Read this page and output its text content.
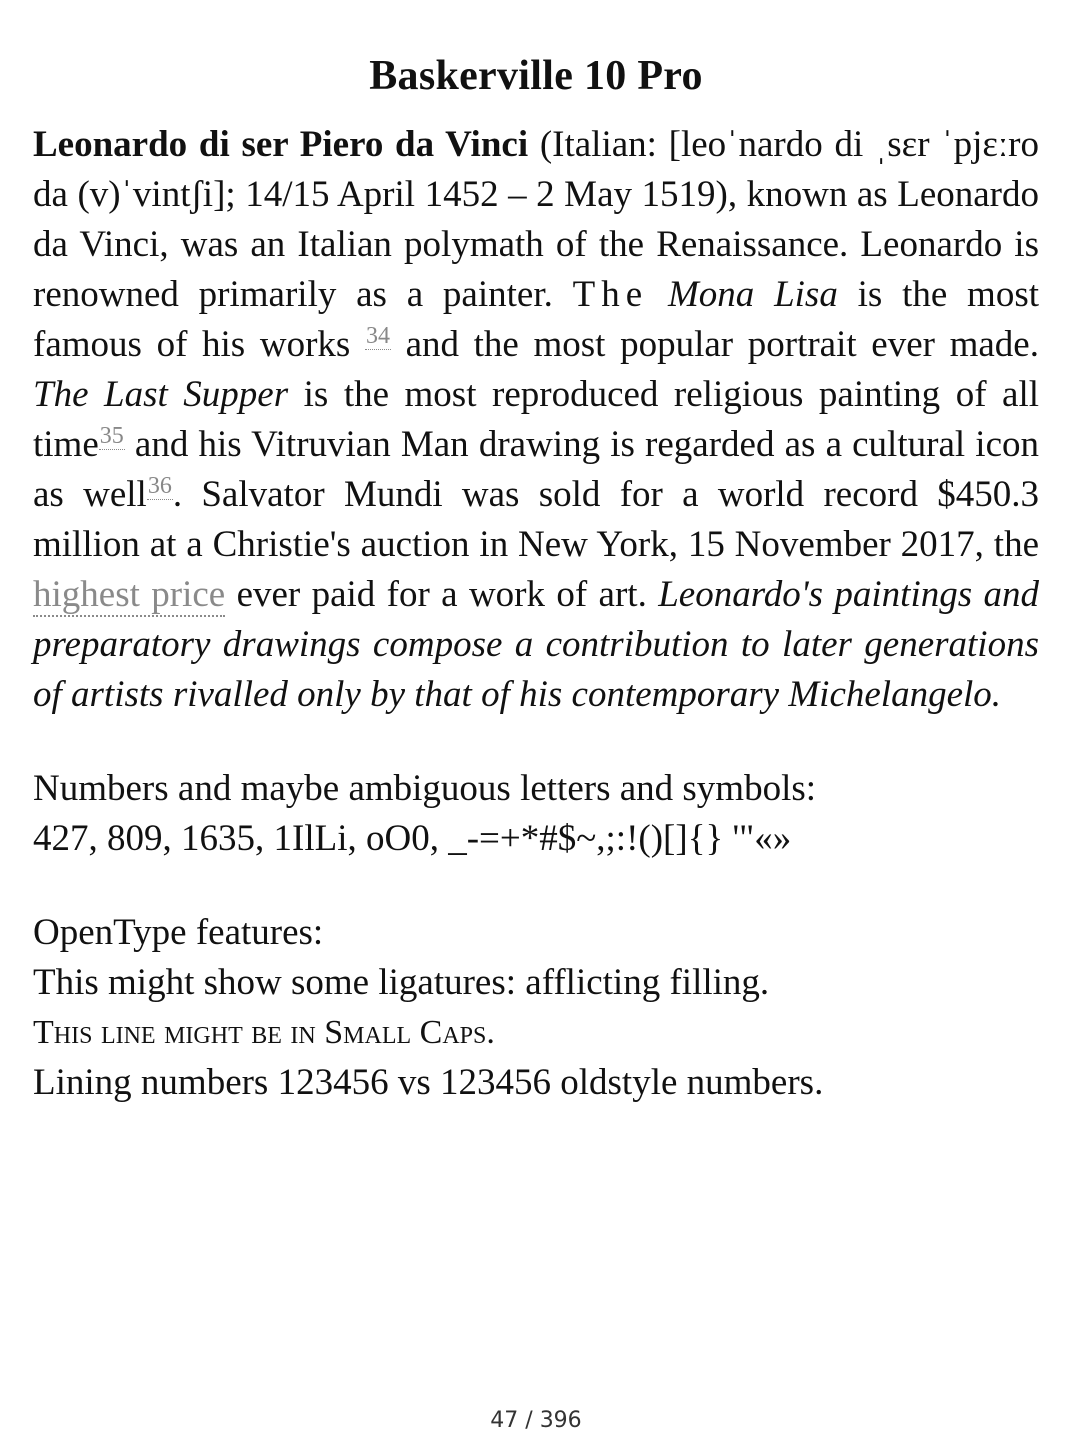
Baskerville 10 Pro

Leonardo di ser Piero da Vinci (Italian: [leoˈnardo di ˌsɛr ˈpjɛːro da (v)ˈvintʃi]; 14/15 April 1452 – 2 May 1519), known as Leonardo da Vinci, was an Italian polymath of the Renaissance. Leonardo is renowned primarily as a painter. The Mona Lisa is the most famous of his works $^{34}$ and the most popular portrait ever made. The Last Supper is the most reproduced religious painting of all time$^{35}$ and his Vitruvian Man drawing is regarded as a cultural icon as well$^{36}$. Salvator Mundi was sold for a world record $450.3 million at a Christie's auction in New York, 15 November 2017, the highest price ever paid for a work of art. Leonardo's paintings and preparatory drawings compose a contribution to later generations of artists rivalled only by that of his contemporary Michelangelo.

Numbers and maybe ambiguous letters and symbols:
427, 809, 1635, 1IlLi, oO0, _-=+*#$~,;:!()[]{} '"«»
OpenType features:
This might show some ligatures: afflicting filling.
This line might be in Small Caps.
Lining numbers 123456 vs 123456 oldstyle numbers.
47 / 396
